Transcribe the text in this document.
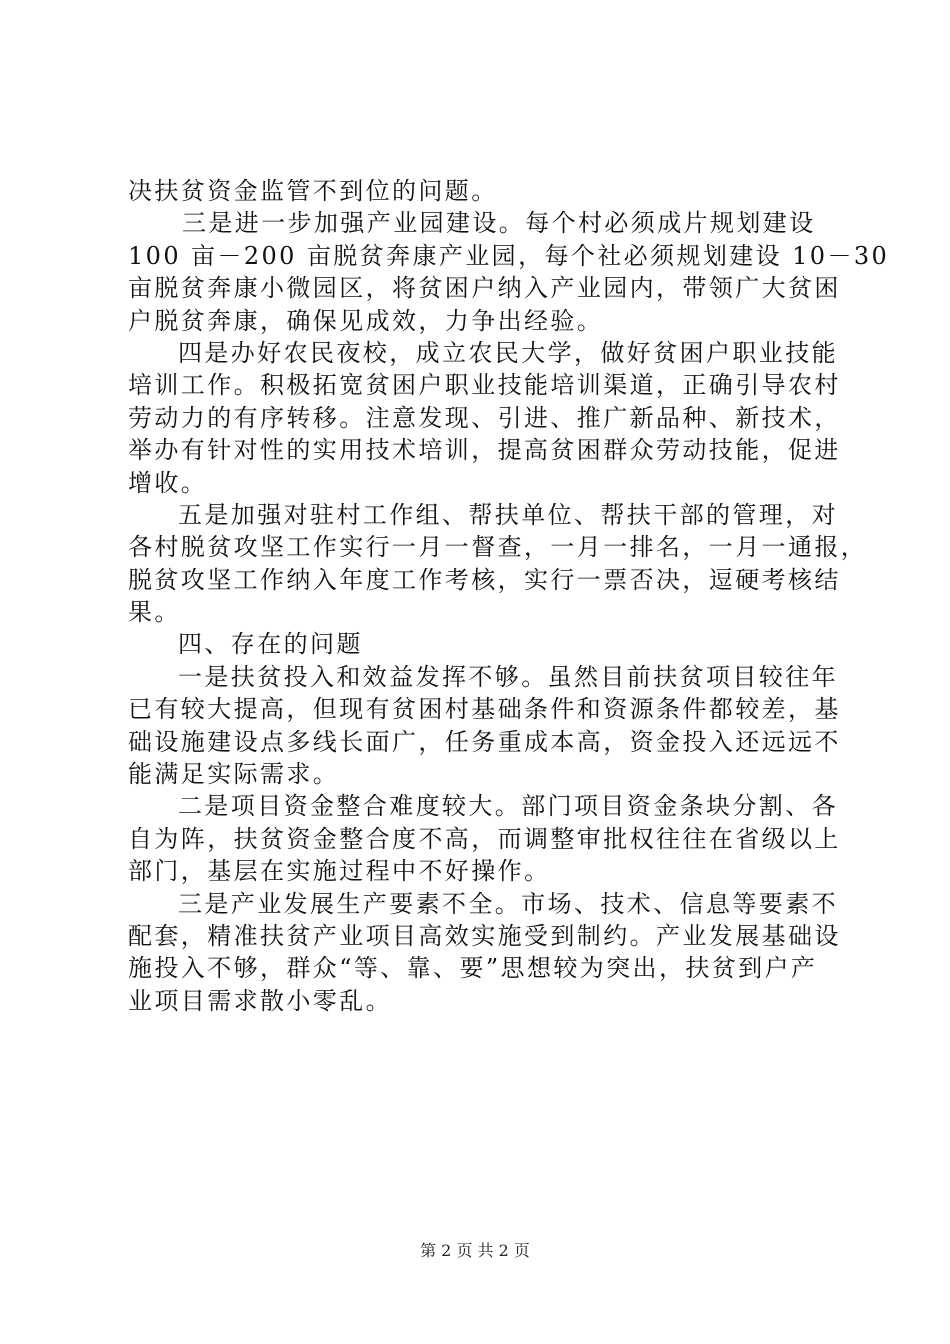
决扶贫资金监管不到位的问题。
三是进一步加强产业园建设。每个村必须成片规划建设
100 亩－200 亩脱贫奔康产业园，每个社必须规划建设 10－30
亩脱贫奔康小微园区，将贫困户纳入产业园内，带领广大贫困
户脱贫奔康，确保见成效，力争出经验。
四是办好农民夜校，成立农民大学，做好贫困户职业技能
培训工作。积极拓宽贫困户职业技能培训渠道，正确引导农村
劳动力的有序转移。注意发现、引进、推广新品种、新技术，
举办有针对性的实用技术培训，提高贫困群众劳动技能，促进
增收。
五是加强对驻村工作组、帮扶单位、帮扶干部的管理，对
各村脱贫攻坚工作实行一月一督查，一月一排名，一月一通报，
脱贫攻坚工作纳入年度工作考核，实行一票否决，逗硬考核结
果。
四、存在的问题
一是扶贫投入和效益发挥不够。虽然目前扶贫项目较往年
已有较大提高，但现有贫困村基础条件和资源条件都较差，基
础设施建设点多线长面广，任务重成本高，资金投入还远远不
能满足实际需求。
二是项目资金整合难度较大。部门项目资金条块分割、各
自为阵，扶贫资金整合度不高，而调整审批权往往在省级以上
部门，基层在实施过程中不好操作。
三是产业发展生产要素不全。市场、技术、信息等要素不
配套，精准扶贫产业项目高效实施受到制约。产业发展基础设
施投入不够，群众“等、靠、要”思想较为突出，扶贫到户产
业项目需求散小零乱。
第 2 页 共 2 页
